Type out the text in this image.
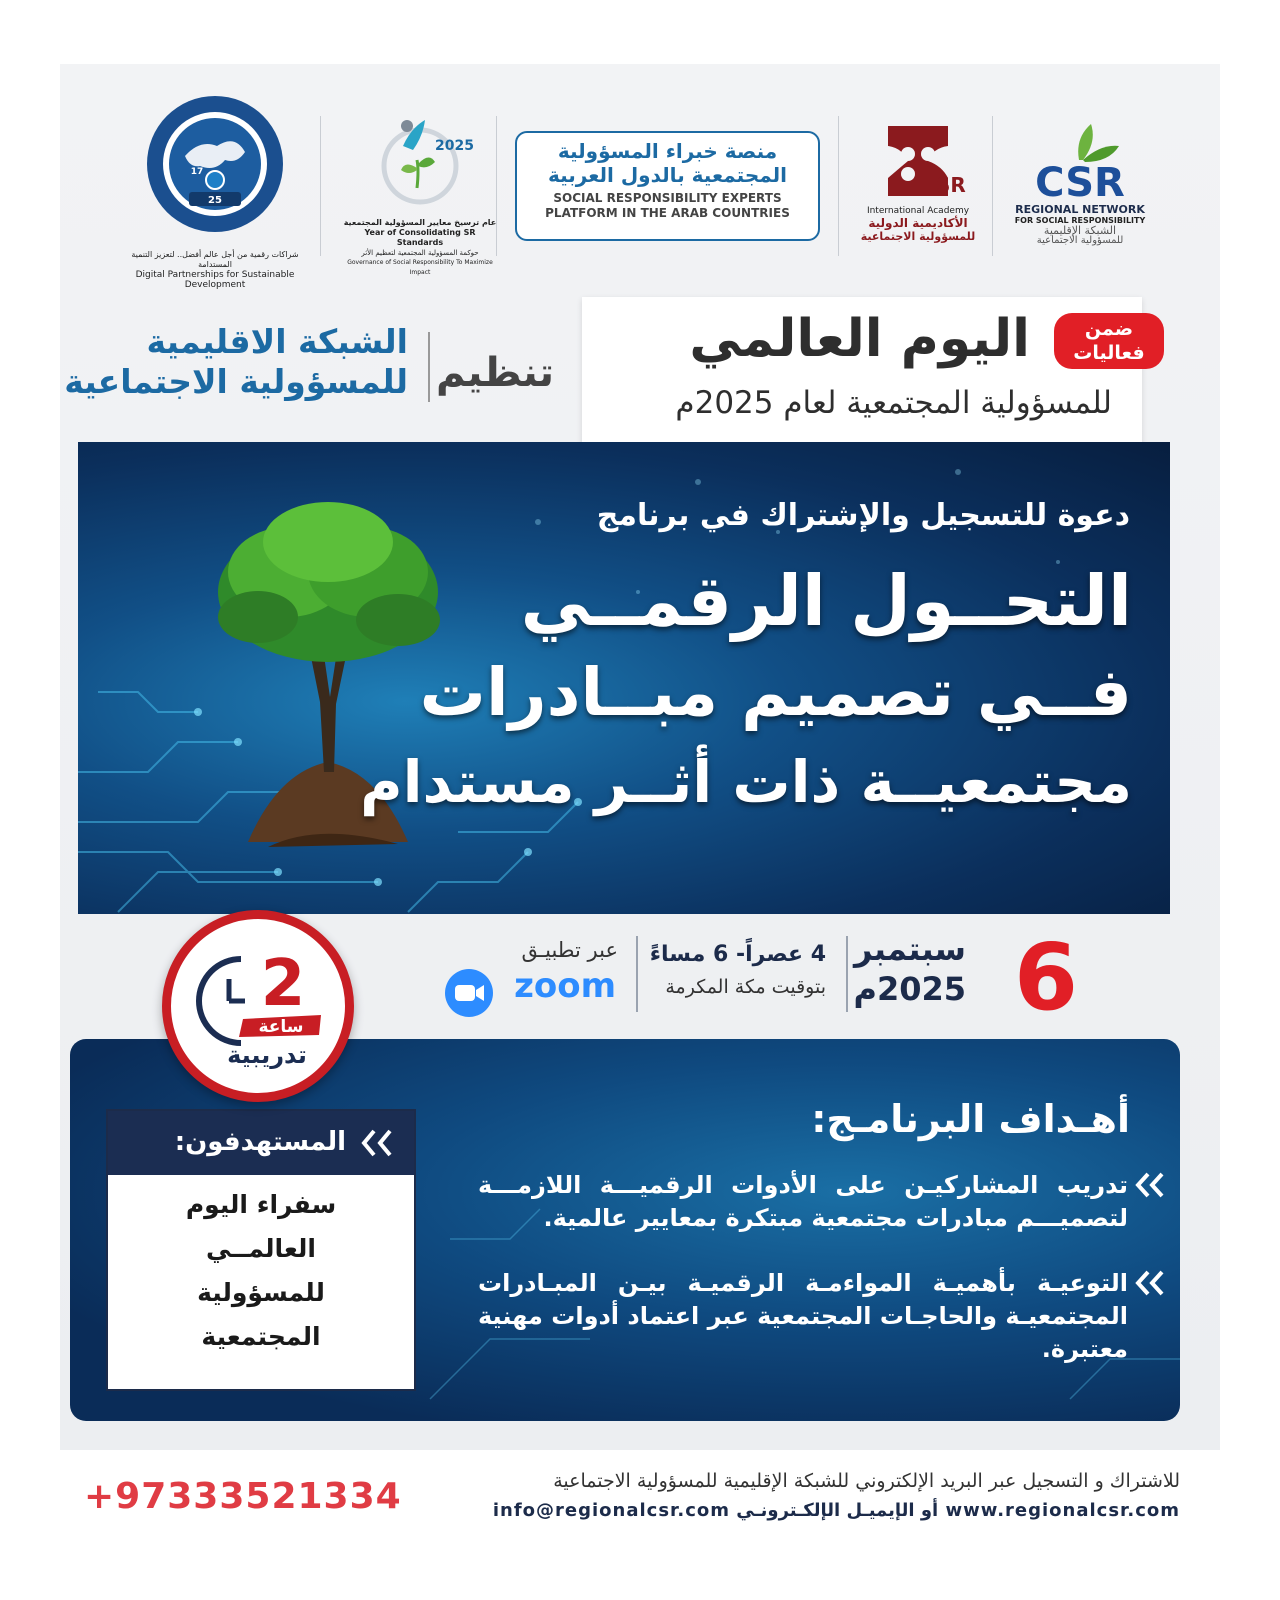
25
17
شراكات رقمية من أجل عالم أفضل.. لتعزيز التنمية المستدامة
Digital Partnerships for Sustainable Development
2025
عام ترسيخ معايير المسؤولية المجتمعية
Year of Consolidating SR Standards
حوكمة المسؤولية المجتمعية لتعظيم الأثر
Governance of Social Responsibility To Maximize Impact
منصة خبراء المسؤولية
المجتمعية بالدول العربية
SOCIAL RESPONSIBILITY EXPERTS
PLATFORM IN THE ARAB COUNTRIES
SR
International Academy
الأكاديمية الدولية
للمسؤولية الاجتماعية
CSR
REGIONAL NETWORK
FOR SOCIAL RESPONSIBILITY
الشبكة الإقليمية
للمسؤولية الاجتماعية
ضمن
فعاليات
اليوم العالمي
للمسؤولية المجتمعية لعام 2025م
تنظيم
الشبكة الاقليمية
للمسؤولية الاجتماعية
دعوة للتسجيل والإشتراك في برنامج
التحــول الرقمــي
فــي تصميم مبــادرات
مجتمعيــة ذات أثــر مستدام
6
سبتمبر
2025م
4 عصراً- 6 مساءً
بتوقيت مكة المكرمة
عبر تطبيـق
zoom
أهـداف البرنامـج:
تدريب المشاركيـن على الأدوات الرقميـــة اللازمـــة لتصميـــم مبادرات مجتمعية مبتكرة بمعايير عالمية.
التوعيـة بأهميـة المواءمـة الرقميـة بيـن المبـادرات المجتمعيـة والحاجـات المجتمعية عبر اعتماد أدوات مهنية معتبرة.
المستهدفون:
سفراء اليوم
العالمــي
للمسؤولية
المجتمعية
2
ساعة
تدريبية
للاشتراك و التسجيل عبر البريد الإلكتروني للشبكة الإقليمية للمسؤولية الاجتماعية
www.regionalcsr.com أو الإيميـل الإلكـترونـي info@regionalcsr.com
+97333521334
